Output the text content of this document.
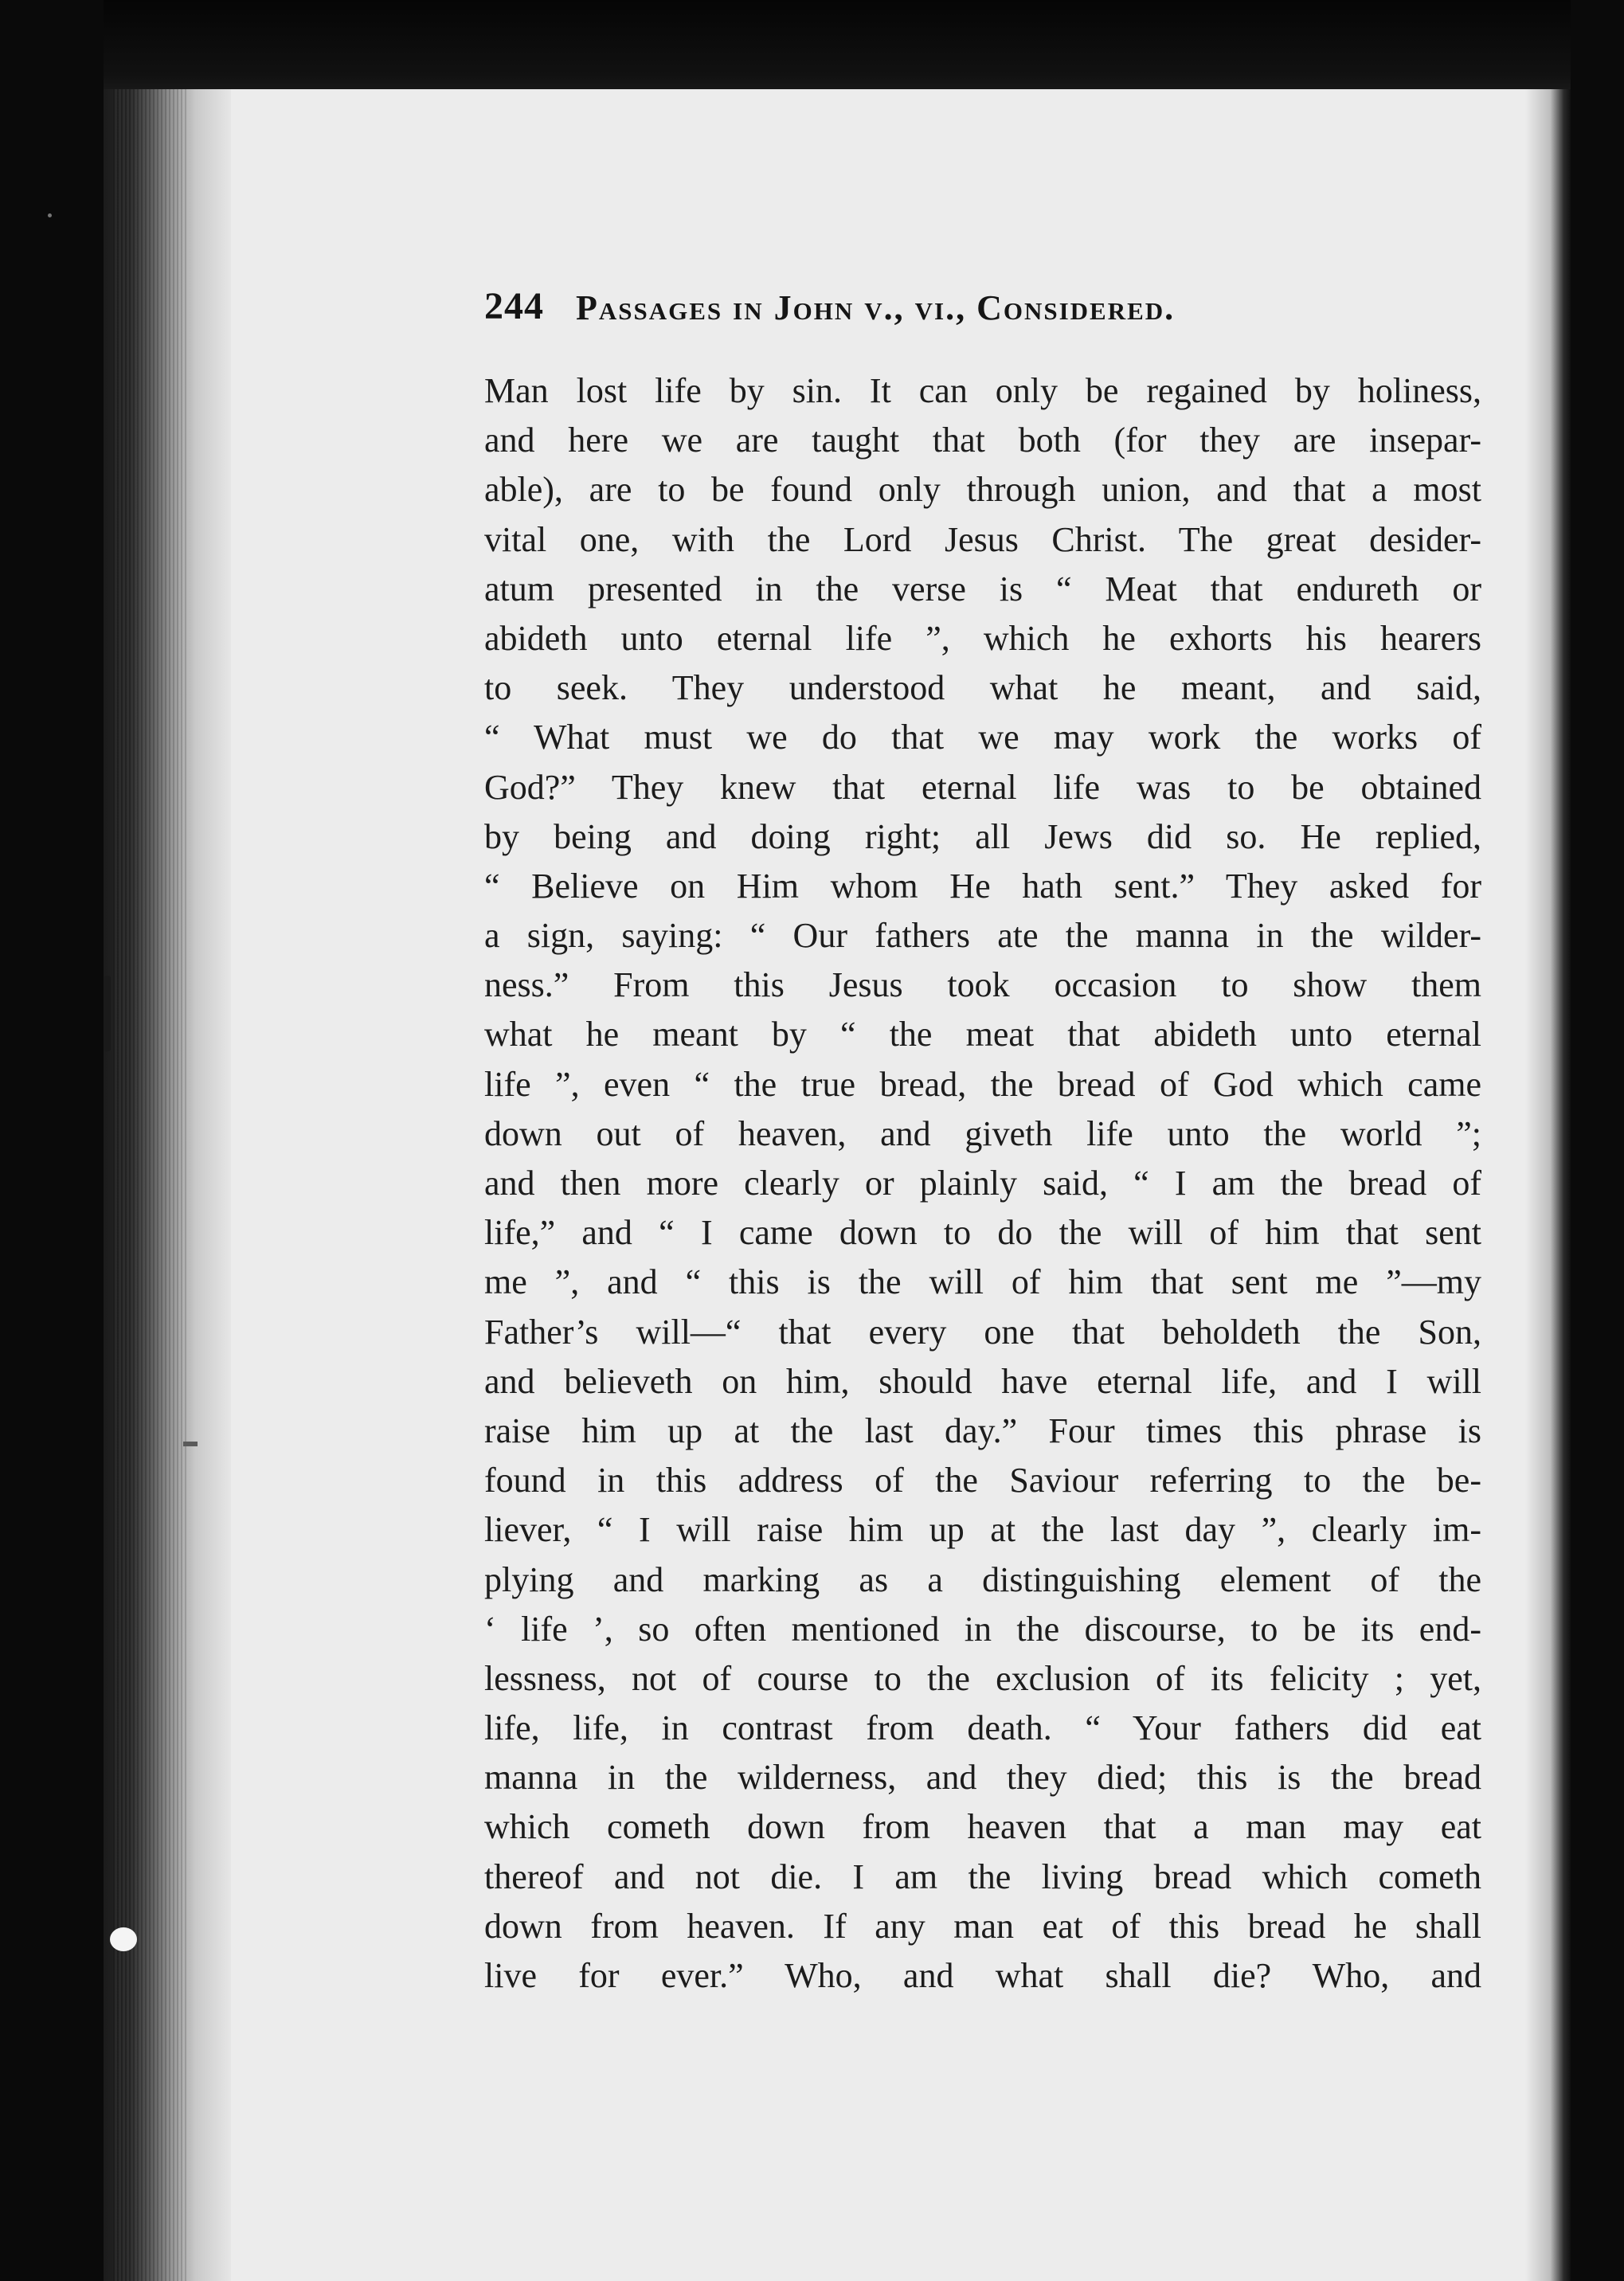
244 Passages in John v., vi., Considered.
Man lost life by sin. It can only be regained by holiness,
and here we are taught that both (for they are insepar-
able), are to be found only through union, and that a most
vital one, with the Lord Jesus Christ. The great desider-
atum presented in the verse is “ Meat that endureth or
abideth unto eternal life ”, which he exhorts his hearers
to seek. They understood what he meant, and said,
“ What must we do that we may work the works of
God?” They knew that eternal life was to be obtained
by being and doing right; all Jews did so. He replied,
“ Believe on Him whom He hath sent.” They asked for
a sign, saying: “ Our fathers ate the manna in the wilder-
ness.” From this Jesus took occasion to show them
what he meant by “ the meat that abideth unto eternal
life ”, even “ the true bread, the bread of God which came
down out of heaven, and giveth life unto the world ”;
and then more clearly or plainly said, “ I am the bread of
life,” and “ I came down to do the will of him that sent
me ”, and “ this is the will of him that sent me ”—my
Father’s will—“ that every one that beholdeth the Son,
and believeth on him, should have eternal life, and I will
raise him up at the last day.” Four times this phrase is
found in this address of the Saviour referring to the be-
liever, “ I will raise him up at the last day ”, clearly im-
plying and marking as a distinguishing element of the
‘ life ’, so often mentioned in the discourse, to be its end-
lessness, not of course to the exclusion of its felicity ; yet,
life, life, in contrast from death. “ Your fathers did eat
manna in the wilderness, and they died; this is the bread
which cometh down from heaven that a man may eat
thereof and not die. I am the living bread which cometh
down from heaven. If any man eat of this bread he shall
live for ever.” Who, and what shall die? Who, and
